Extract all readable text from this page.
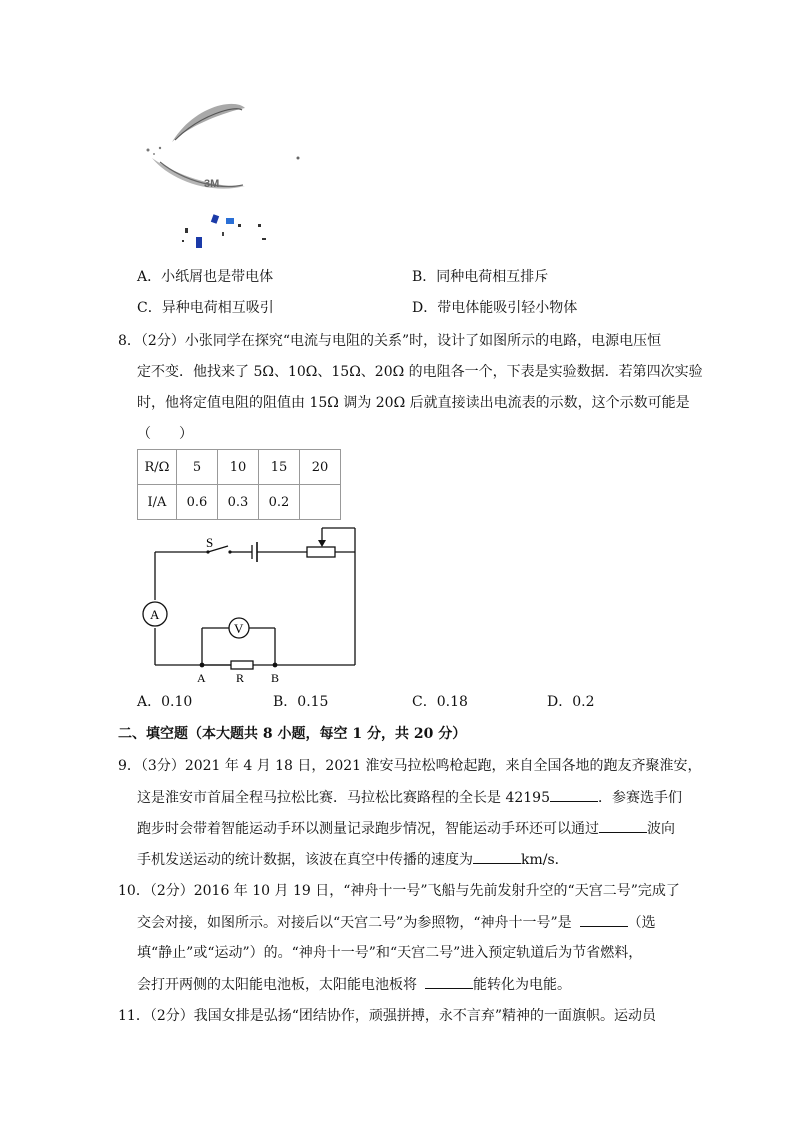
3M
A．小纸屑也是带电体	B．同种电荷相互排斥
C．异种电荷相互吸引	D．带电体能吸引轻小物体
8．（2分）小张同学在探究“电流与电阻的关系”时，设计了如图所示的电路，电源电压恒
定不变．他找来了 5Ω、10Ω、15Ω、20Ω 的电阻各一个，下表是实验数据．若第四次实验
时，他将定值电阻的阻值由 15Ω 调为 20Ω 后就直接读出电流表的示数，这个示数可能是
（　　）
R/Ω	5	10	15	20
I/A	0.6	0.3	0.2	
S
A
V
A	R B
A．0.10	B．0.15	C．0.18	D．0.2
二、填空题（本大题共 8 小题，每空 1 分，共 20 分）
9．（3分）2021 年 4 月 18 日，2021 淮安马拉松鸣枪起跑，来自全国各地的跑友齐聚淮安，
这是淮安市首届全程马拉松比赛．马拉松比赛路程的全长是 42195	．参赛选手们
跑步时会带着智能运动手环以测量记录跑步情况，智能运动手环还可以通过	波向
手机发送运动的统计数据，该波在真空中传播的速度为	km/s．
10．（2分）2016 年 10 月 19 日，“神舟十一号”飞船与先前发射升空的“天宫二号”完成了
交会对接，如图所示。对接后以“天宫二号”为参照物，“神舟十一号”是	（选
填“静止”或“运动”）的。“神舟十一号”和“天宫二号”进入预定轨道后为节省燃料，
会打开两侧的太阳能电池板，太阳能电池板将	能转化为电能。
11．（2分）我国女排是弘扬“团结协作，顽强拼搏，永不言弃”精神的一面旗帜。运动员
